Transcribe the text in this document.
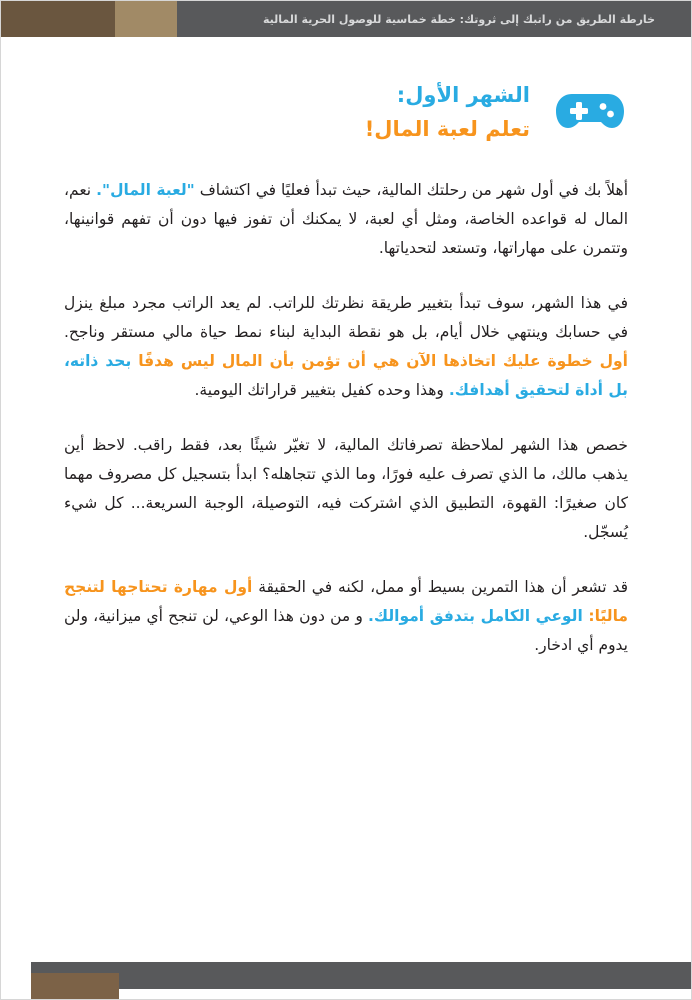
خارطة الطريق من راتبك إلى ثروتك: خطة خماسية للوصول الحرية المالية
الشهر الأول:
تعلم لعبة المال!

أهلاً بك في أول شهر من رحلتك المالية، حيث تبدأ فعليًا في اكتشاف "لعبة المال". نعم، المال له قواعده الخاصة، ومثل أي لعبة، لا يمكنك أن تفوز فيها دون أن تفهم قوانينها، وتتمرن على مهاراتها، وتستعد لتحدياتها.

في هذا الشهر، سوف تبدأ بتغيير طريقة نظرتك للراتب. لم يعد الراتب مجرد مبلغ ينزل في حسابك وينتهي خلال أيام، بل هو نقطة البداية لبناء نمط حياة مالي مستقر وناجح. أول خطوة عليك اتخاذها الآن هي أن تؤمن بأن المال ليس هدفًا بحد ذاته، بل أداة لتحقيق أهدافك. وهذا وحده كفيل بتغيير قراراتك اليومية.

خصص هذا الشهر لملاحظة تصرفاتك المالية، لا تغيّر شيئًا بعد، فقط راقب. لاحظ أين يذهب مالك، ما الذي تصرف عليه فورًا، وما الذي تتجاهله؟ ابدأ بتسجيل كل مصروف مهما كان صغيرًا: القهوة، التطبيق الذي اشتركت فيه، التوصيلة، الوجبة السريعة... كل شيء يُسجّل.

قد تشعر أن هذا التمرين بسيط أو ممل، لكنه في الحقيقة أول مهارة تحتاجها لتنجح ماليًا: الوعي الكامل بتدفق أموالك. و من دون هذا الوعي، لن تنجح أي ميزانية، ولن يدوم أي ادخار.
